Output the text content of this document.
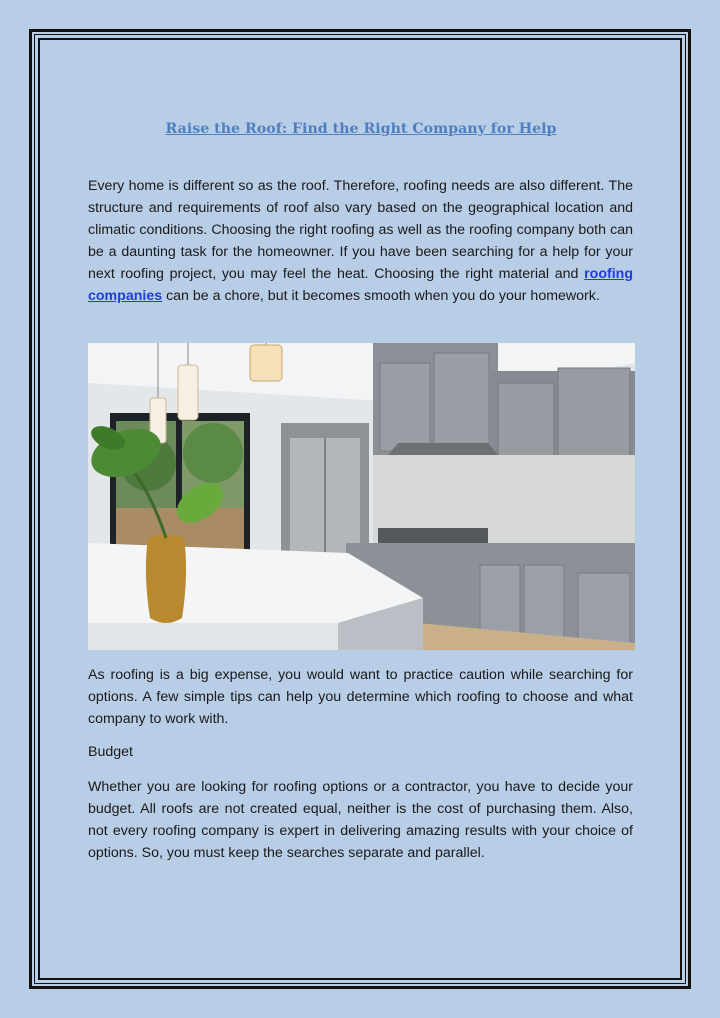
Raise the Roof: Find the Right Company for Help

Every home is different so as the roof. Therefore, roofing needs are also different. The structure and requirements of roof also vary based on the geographical location and climatic conditions. Choosing the right roofing as well as the roofing company both can be a daunting task for the homeowner. If you have been searching for a help for your next roofing project, you may feel the heat. Choosing the right material and roofing companies can be a chore, but it becomes smooth when you do your homework.

As roofing is a big expense, you would want to practice caution while searching for options. A few simple tips can help you determine which roofing to choose and what company to work with.

Budget

Whether you are looking for roofing options or a contractor, you have to decide your budget. All roofs are not created equal, neither is the cost of purchasing them. Also, not every roofing company is expert in delivering amazing results with your choice of options. So, you must keep the searches separate and parallel.
